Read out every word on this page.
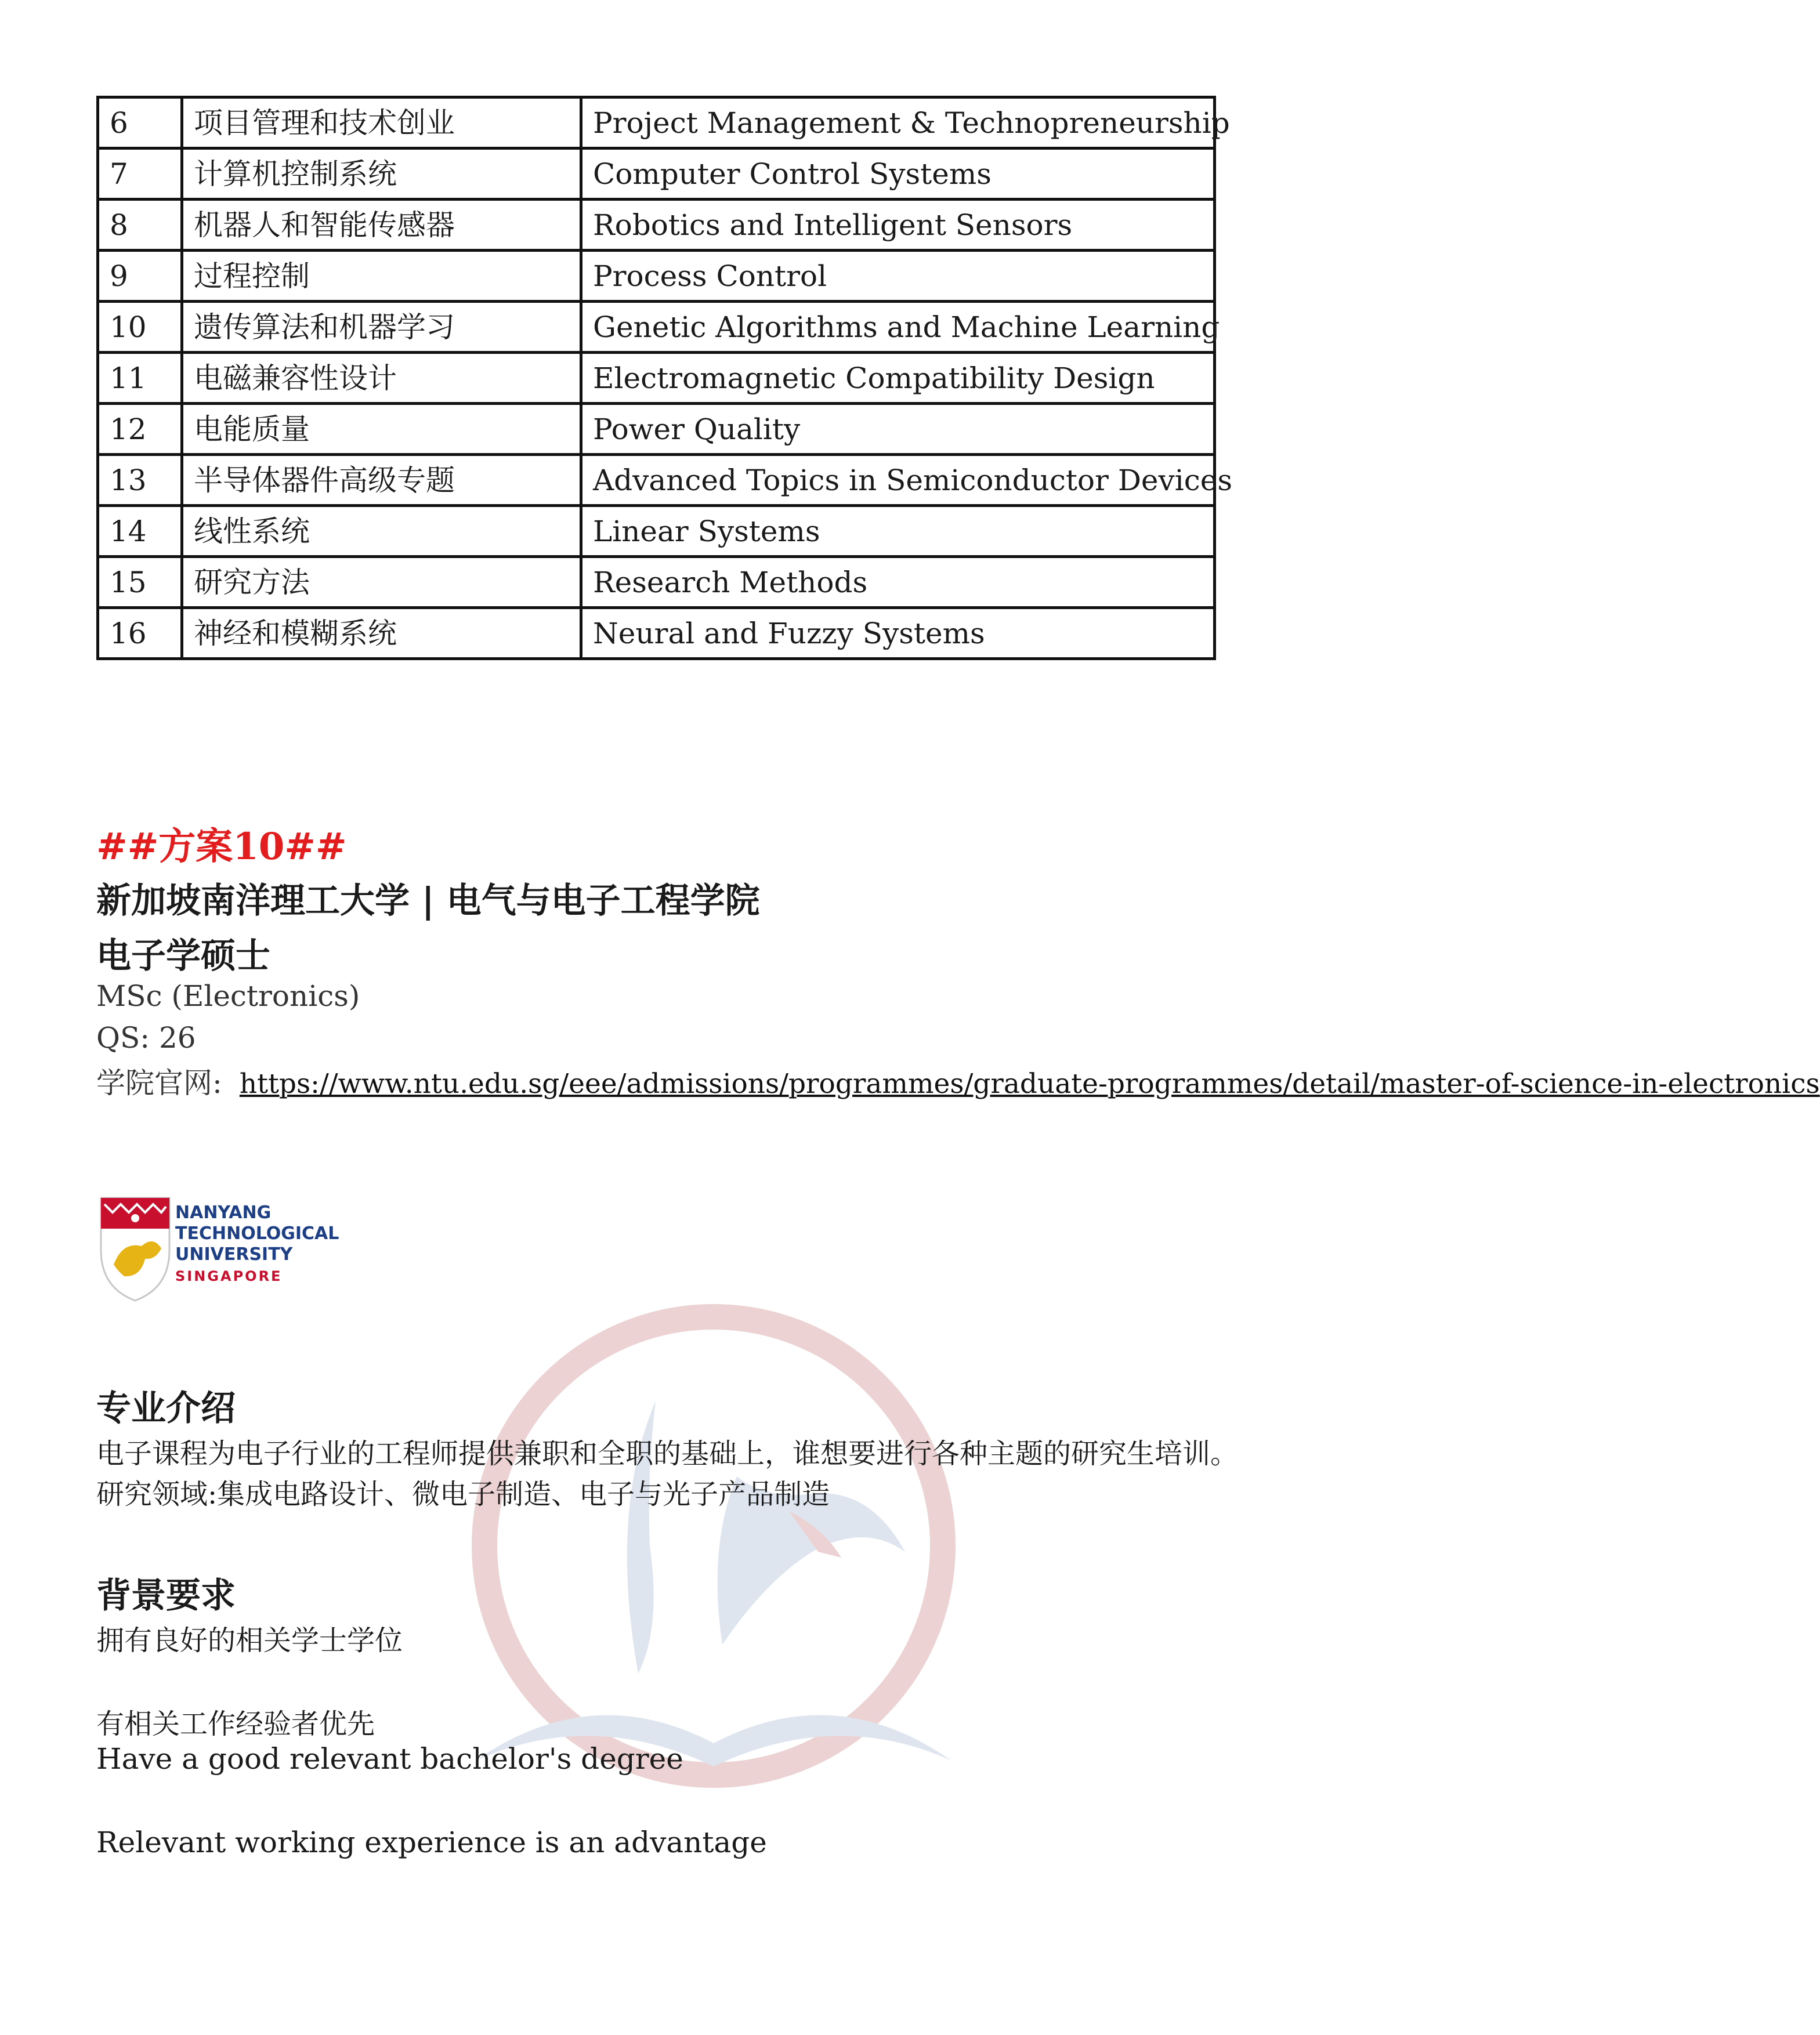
6	项目管理和技术创业	Project Management & Technopreneurship
7	计算机控制系统	Computer Control Systems
8	机器人和智能传感器	Robotics and Intelligent Sensors
9	过程控制	Process Control
10	遗传算法和机器学习	Genetic Algorithms and Machine Learning
11	电磁兼容性设计	Electromagnetic Compatibility Design
12	电能质量	Power Quality
13	半导体器件高级专题	Advanced Topics in Semiconductor Devices
14	线性系统	Linear Systems
15	研究方法	Research Methods
16	神经和模糊系统	Neural and Fuzzy Systems
##方案10##
新加坡南洋理工大学 | 电气与电子工程学院
电子学硕士
MSc (Electronics)
QS: 26
学院官网: https://www.ntu.edu.sg/eee/admissions/programmes/graduate-programmes/detail/master-of-science-in-electronics
NANYANG
TECHNOLOGICAL
UNIVERSITY
SINGAPORE
专业介绍
电子课程为电子行业的工程师提供兼职和全职的基础上，谁想要进行各种主题的研究生培训。
研究领域:集成电路设计、微电子制造、电子与光子产品制造
背景要求
拥有良好的相关学士学位
有相关工作经验者优先
Have a good relevant bachelor's degree
Relevant working experience is an advantage
